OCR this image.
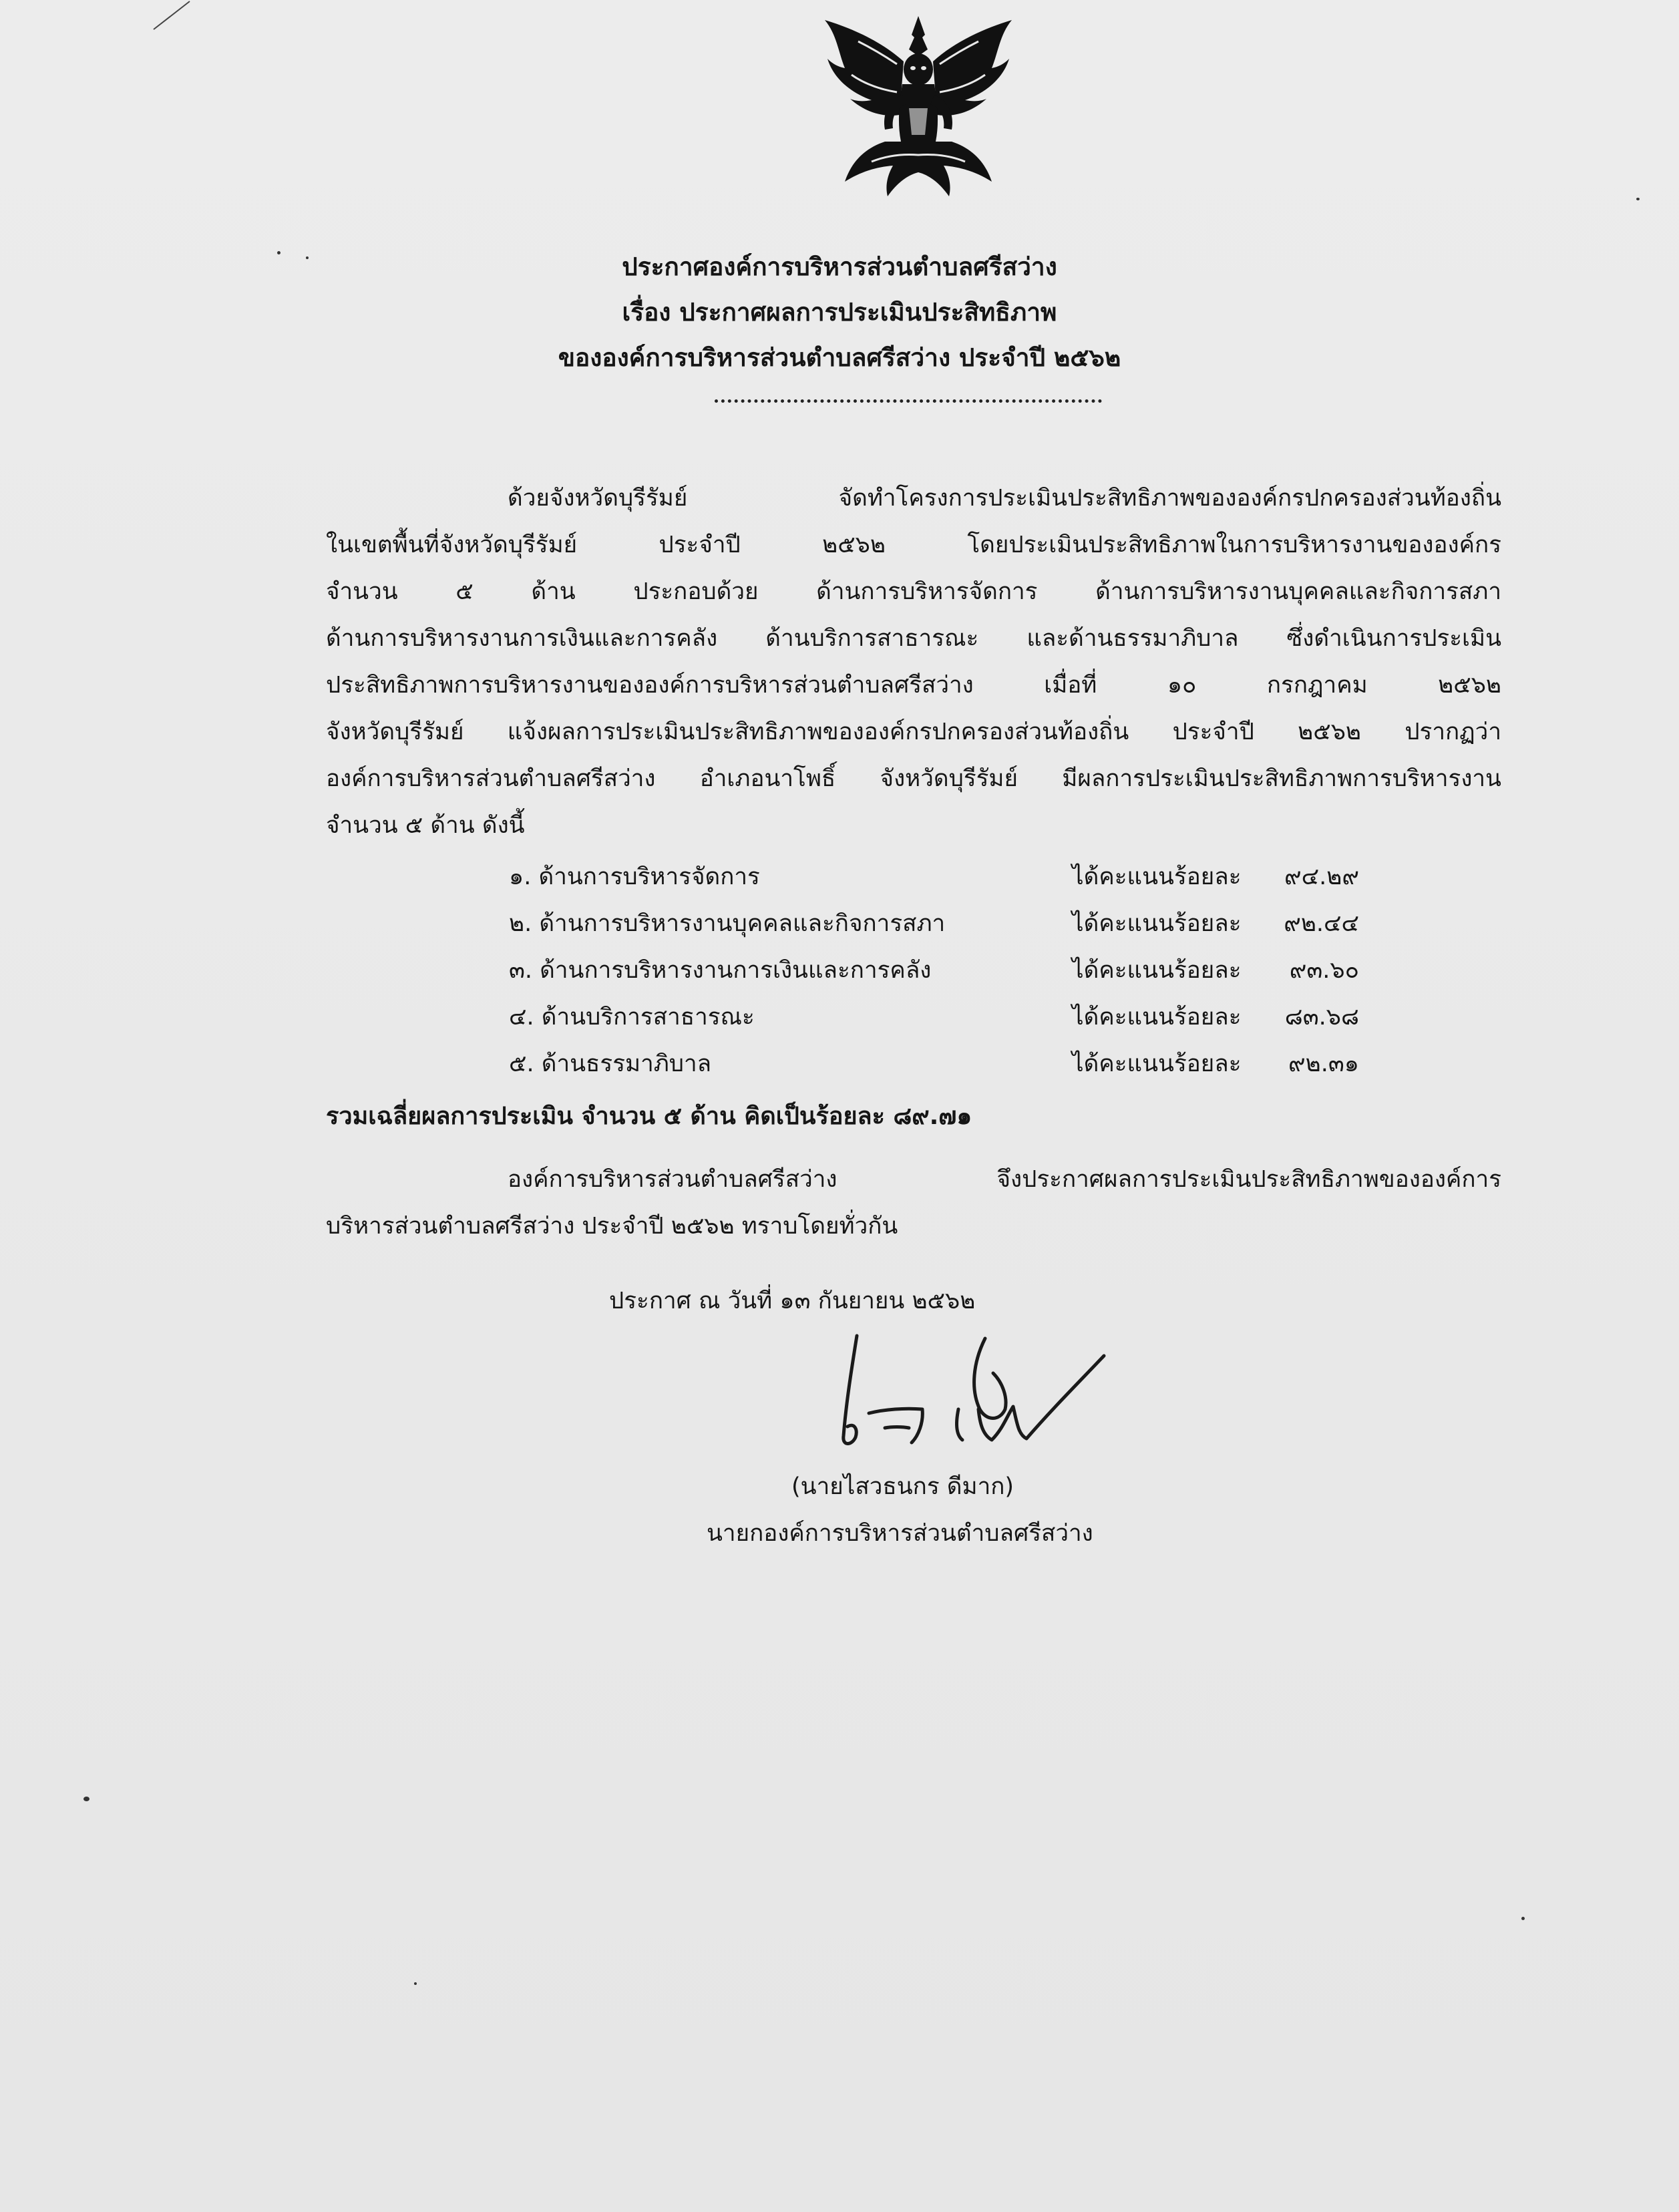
ประกาศองค์การบริหารส่วนตำบลศรีสว่าง
เรื่อง ประกาศผลการประเมินประสิทธิภาพ
ขององค์การบริหารส่วนตำบลศรีสว่าง ประจำปี ๒๕๖๒
ด้วยจังหวัดบุรีรัมย์ จัดทำโครงการประเมินประสิทธิภาพขององค์กรปกครองส่วนท้องถิ่น
ในเขตพื้นที่จังหวัดบุรีรัมย์ ประจำปี ๒๕๖๒ โดยประเมินประสิทธิภาพในการบริหารงานขององค์กร
จำนวน ๕ ด้าน ประกอบด้วย ด้านการบริหารจัดการ ด้านการบริหารงานบุคคลและกิจการสภา
ด้านการบริหารงานการเงินและการคลัง ด้านบริการสาธารณะ และด้านธรรมาภิบาล ซึ่งดำเนินการประเมิน
ประสิทธิภาพการบริหารงานขององค์การบริหารส่วนตำบลศรีสว่าง เมื่อที่ ๑๐ กรกฎาคม ๒๕๖๒
จังหวัดบุรีรัมย์ แจ้งผลการประเมินประสิทธิภาพขององค์กรปกครองส่วนท้องถิ่น ประจำปี ๒๕๖๒ ปรากฏว่า
องค์การบริหารส่วนตำบลศรีสว่าง อำเภอนาโพธิ์ จังหวัดบุรีรัมย์ มีผลการประเมินประสิทธิภาพการบริหารงาน
จำนวน ๕ ด้าน ดังนี้
๑. ด้านการบริหารจัดการ	ได้คะแนนร้อยละ ๙๔.๒๙
๒. ด้านการบริหารงานบุคคลและกิจการสภา	ได้คะแนนร้อยละ ๙๒.๔๔
๓. ด้านการบริหารงานการเงินและการคลัง	ได้คะแนนร้อยละ ๙๓.๖๐
๔. ด้านบริการสาธารณะ	ได้คะแนนร้อยละ ๘๓.๖๘
๕. ด้านธรรมาภิบาล	ได้คะแนนร้อยละ ๙๒.๓๑
รวมเฉลี่ยผลการประเมิน จำนวน ๕ ด้าน คิดเป็นร้อยละ ๘๙.๗๑
องค์การบริหารส่วนตำบลศรีสว่าง จึงประกาศผลการประเมินประสิทธิภาพขององค์การ
บริหารส่วนตำบลศรีสว่าง ประจำปี ๒๕๖๒ ทราบโดยทั่วกัน
ประกาศ ณ วันที่ ๑๓ กันยายน ๒๕๖๒
(นายไสวธนกร ดีมาก)
นายกองค์การบริหารส่วนตำบลศรีสว่าง
